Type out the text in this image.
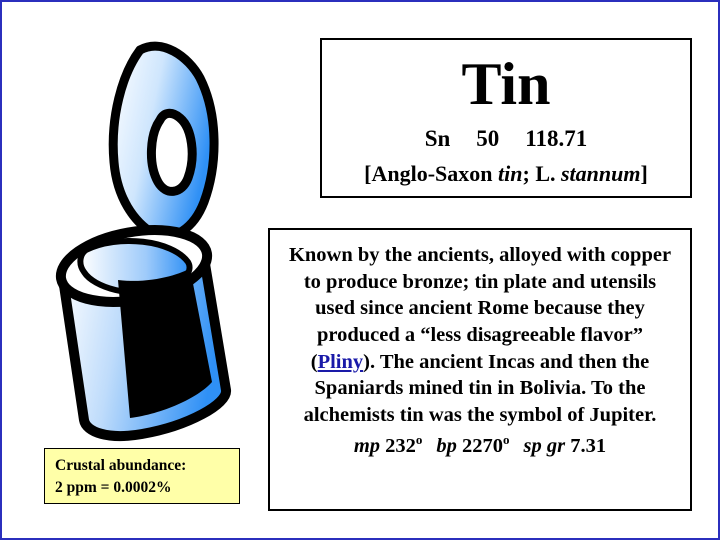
Tin
Sn 50 118.71
[Anglo-Saxon tin; L. stannum]
Known by the ancients, alloyed with copper to produce bronze; tin plate and utensils used since ancient Rome because they produced a “less disagreeable flavor” (Pliny). The ancient Incas and then the Spaniards mined tin in Bolivia. To the alchemists tin was the symbol of Jupiter.
mp 232$^o$ bp 2270$^o$ sp gr 7.31
Crustal abundance:
2 ppm = 0.0002%
